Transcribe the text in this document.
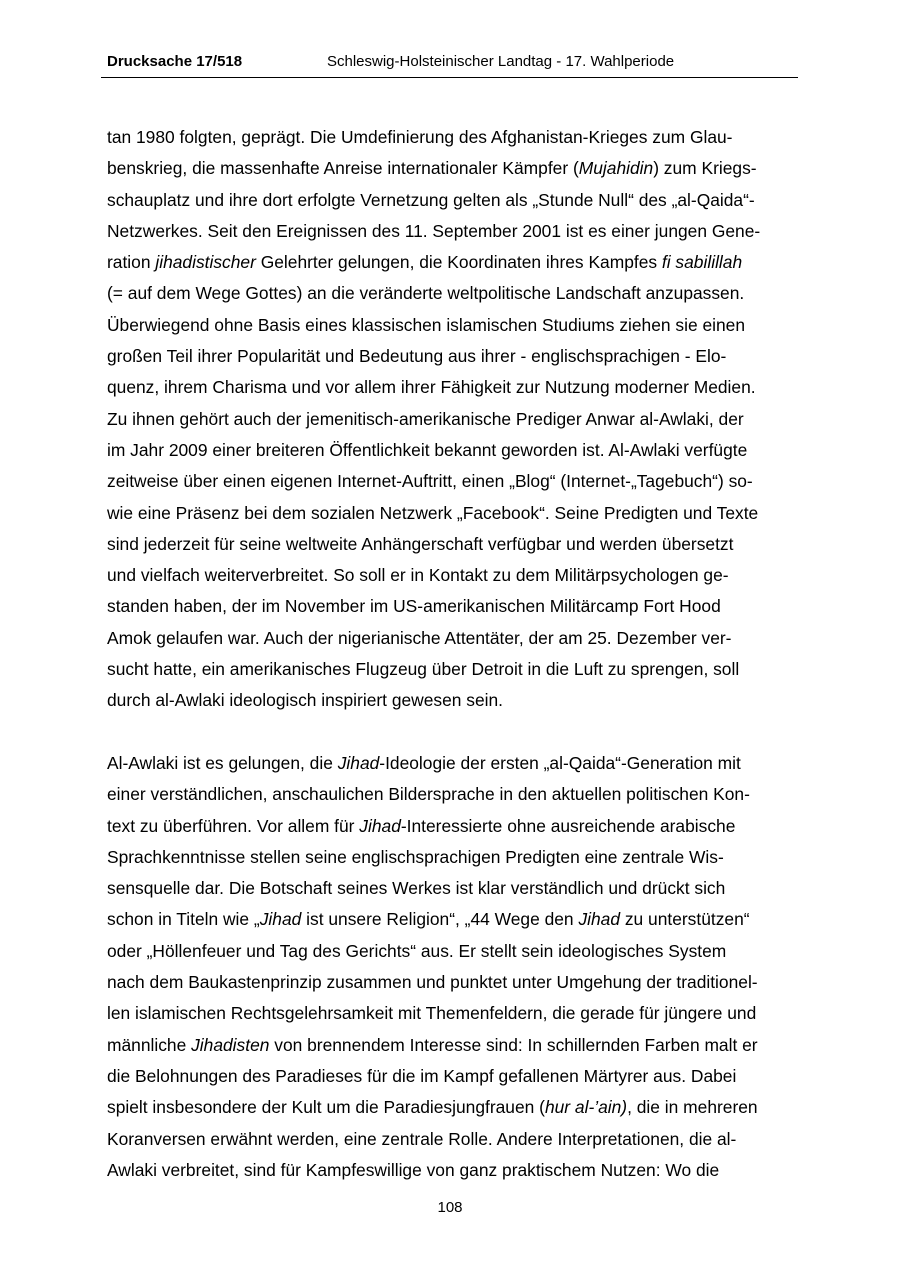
Drucksache 17/518	Schleswig-Holsteinischer Landtag - 17. Wahlperiode
tan 1980 folgten, geprägt. Die Umdefinierung des Afghanistan-Krieges zum Glau-
benskrieg, die massenhafte Anreise internationaler Kämpfer (Mujahidin) zum Kriegs-
schauplatz und ihre dort erfolgte Vernetzung gelten als „Stunde Null“ des „al-Qaida“-
Netzwerkes. Seit den Ereignissen des 11. September 2001 ist es einer jungen Gene-
ration jihadistischer Gelehrter gelungen, die Koordinaten ihres Kampfes fi sabilillah
(= auf dem Wege Gottes) an die veränderte weltpolitische Landschaft anzupassen.
Überwiegend ohne Basis eines klassischen islamischen Studiums ziehen sie einen
großen Teil ihrer Popularität und Bedeutung aus ihrer - englischsprachigen - Elo-
quenz, ihrem Charisma und vor allem ihrer Fähigkeit zur Nutzung moderner Medien.
Zu ihnen gehört auch der jemenitisch-amerikanische Prediger Anwar al-Awlaki, der
im Jahr 2009 einer breiteren Öffentlichkeit bekannt geworden ist. Al-Awlaki verfügte
zeitweise über einen eigenen Internet-Auftritt, einen „Blog“ (Internet-„Tagebuch“) so-
wie eine Präsenz bei dem sozialen Netzwerk „Facebook“. Seine Predigten und Texte
sind jederzeit für seine weltweite Anhängerschaft verfügbar und werden übersetzt
und vielfach weiterverbreitet. So soll er in Kontakt zu dem Militärpsychologen ge-
standen haben, der im November im US-amerikanischen Militärcamp Fort Hood
Amok gelaufen war. Auch der nigerianische Attentäter, der am 25. Dezember ver-
sucht hatte, ein amerikanisches Flugzeug über Detroit in die Luft zu sprengen, soll
durch al-Awlaki ideologisch inspiriert gewesen sein.
Al-Awlaki ist es gelungen, die Jihad-Ideologie der ersten „al-Qaida“-Generation mit
einer verständlichen, anschaulichen Bildersprache in den aktuellen politischen Kon-
text zu überführen. Vor allem für Jihad-Interessierte ohne ausreichende arabische
Sprachkenntnisse stellen seine englischsprachigen Predigten eine zentrale Wis-
sensquelle dar. Die Botschaft seines Werkes ist klar verständlich und drückt sich
schon in Titeln wie „Jihad ist unsere Religion“, „44 Wege den Jihad zu unterstützen“
oder „Höllenfeuer und Tag des Gerichts“ aus. Er stellt sein ideologisches System
nach dem Baukastenprinzip zusammen und punktet unter Umgehung der traditionel-
len islamischen Rechtsgelehrsamkeit mit Themenfeldern, die gerade für jüngere und
männliche Jihadisten von brennendem Interesse sind: In schillernden Farben malt er
die Belohnungen des Paradieses für die im Kampf gefallenen Märtyrer aus. Dabei
spielt insbesondere der Kult um die Paradiesjungfrauen (hur al-’ain), die in mehreren
Koranversen erwähnt werden, eine zentrale Rolle. Andere Interpretationen, die al-
Awlaki verbreitet, sind für Kampfeswillige von ganz praktischem Nutzen: Wo die
108
